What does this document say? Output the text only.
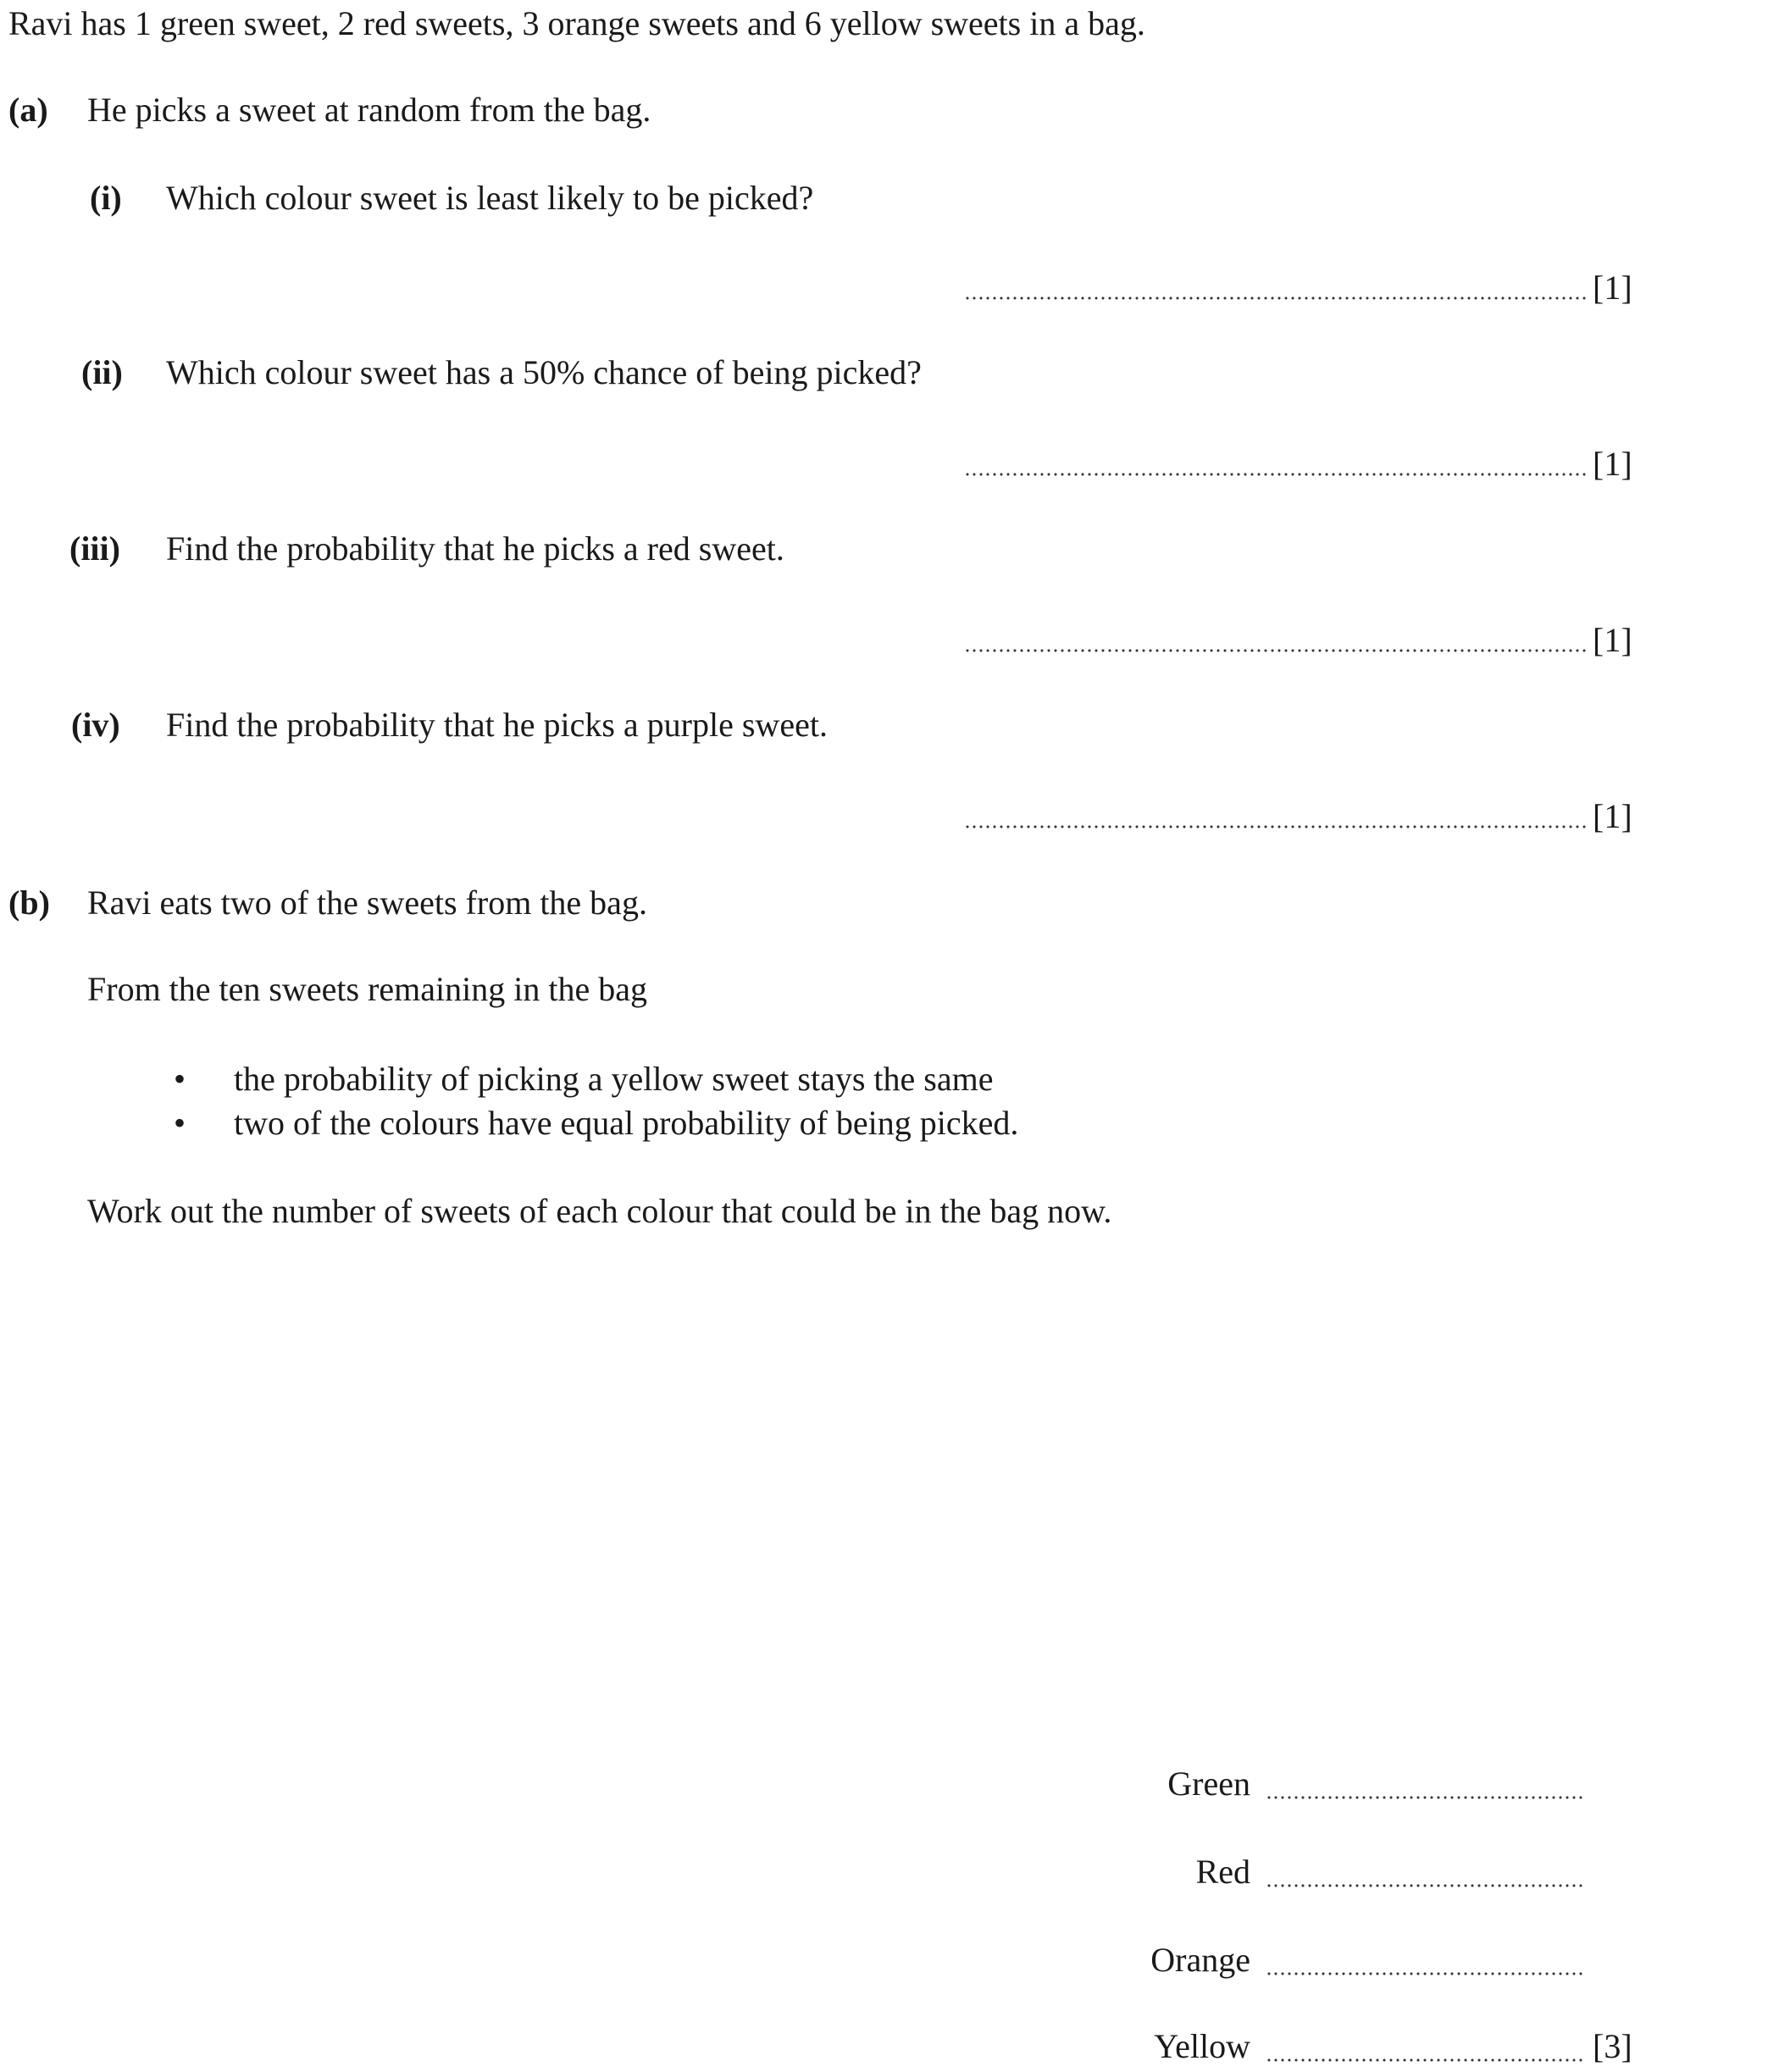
Ravi has 1 green sweet, 2 red sweets, 3 orange sweets and 6 yellow sweets in a bag.
(a) He picks a sweet at random from the bag.
(i) Which colour sweet is least likely to be picked?
[1]
(ii) Which colour sweet has a 50% chance of being picked?
[1]
(iii) Find the probability that he picks a red sweet.
[1]
(iv) Find the probability that he picks a purple sweet.
[1]
(b) Ravi eats two of the sweets from the bag.
From the ten sweets remaining in the bag
• the probability of picking a yellow sweet stays the same
• two of the colours have equal probability of being picked.
Work out the number of sweets of each colour that could be in the bag now.
Green
Red
Orange
Yellow	[3]
